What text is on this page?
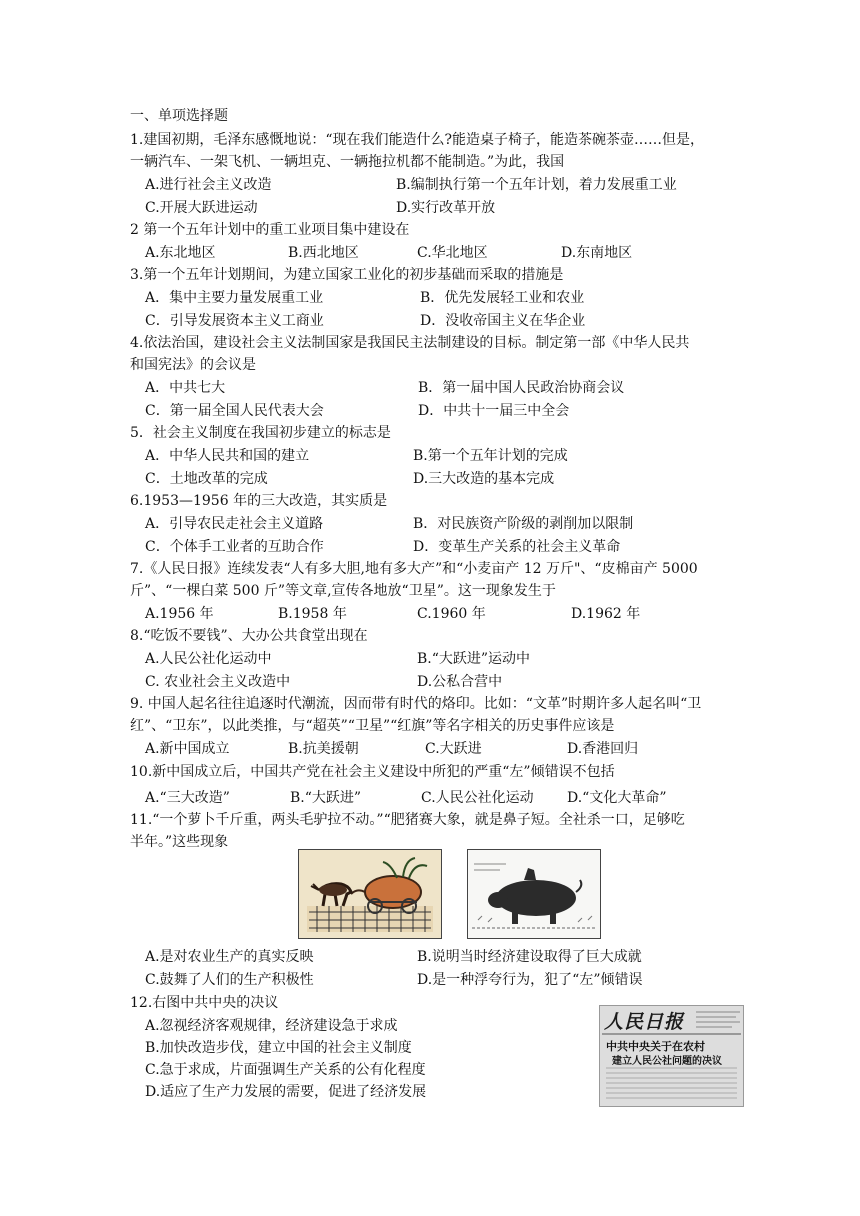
一、单项选择题
1.建国初期，毛泽东感慨地说：“现在我们能造什么?能造桌子椅子，能造茶碗茶壶……但是，
一辆汽车、一架飞机、一辆坦克、一辆拖拉机都不能制造。”为此，我国
A.进行社会主义改造	B.编制执行第一个五年计划，着力发展重工业
C.开展大跃进运动	D.实行改革开放
2 第一个五年计划中的重工业项目集中建设在
A.东北地区	B.西北地区	C.华北地区	D.东南地区
3.第一个五年计划期间，为建立国家工业化的初步基础而采取的措施是
A．集中主要力量发展重工业	B．优先发展轻工业和农业
C．引导发展资本主义工商业	D．没收帝国主义在华企业
4.依法治国，建设社会主义法制国家是我国民主法制建设的目标。制定第一部《中华人民共
和国宪法》的会议是
A．中共七大	B．第一届中国人民政治协商会议
C．第一届全国人民代表大会	D．中共十一届三中全会
5．社会主义制度在我国初步建立的标志是
A．中华人民共和国的建立	B.第一个五年计划的完成
C．土地改革的完成	D.三大改造的基本完成
6.1953—1956 年的三大改造，其实质是
A．引导农民走社会主义道路	B．对民族资产阶级的剥削加以限制
C．个体手工业者的互助合作	D．变革生产关系的社会主义革命
7.《人民日报》连续发表“人有多大胆,地有多大产”和“小麦亩产 12 万斤"、“皮棉亩产 5000
斤”、“一棵白菜 500 斤”等文章,宣传各地放“卫星”。这一现象发生于
A.1956 年	B.1958 年	C.1960 年	D.1962 年
8.“吃饭不要钱”、大办公共食堂出现在
A.人民公社化运动中	B.“大跃进”运动中
C. 农业社会主义改造中	D.公私合营中
9. 中国人起名往往追逐时代潮流，因而带有时代的烙印。比如：“文革”时期许多人起名叫“卫
红”、“卫东”，以此类推，与“超英”“卫星”“红旗”等名字相关的历史事件应该是
A.新中国成立	B.抗美援朝	C.大跃进	D.香港回归
10.新中国成立后，中国共产党在社会主义建设中所犯的严重“左”倾错误不包括
A.“三大改造”	B.“大跃进”	C.人民公社化运动 D.“文化大革命”
11.“一个萝卜千斤重，两头毛驴拉不动。”“肥猪赛大象，就是鼻子短。全社杀一口，足够吃
半年。”这些现象
A.是对农业生产的真实反映	B.说明当时经济建设取得了巨大成就
C.鼓舞了人们的生产积极性	D.是一种浮夸行为，犯了“左”倾错误
12.右图中共中央的决议
A.忽视经济客观规律，经济建设急于求成
B.加快改造步伐，建立中国的社会主义制度
C.急于求成，片面强调生产关系的公有化程度
D.适应了生产力发展的需要，促进了经济发展
人民日报
中共中央关于在农村
建立人民公社问题的决议
